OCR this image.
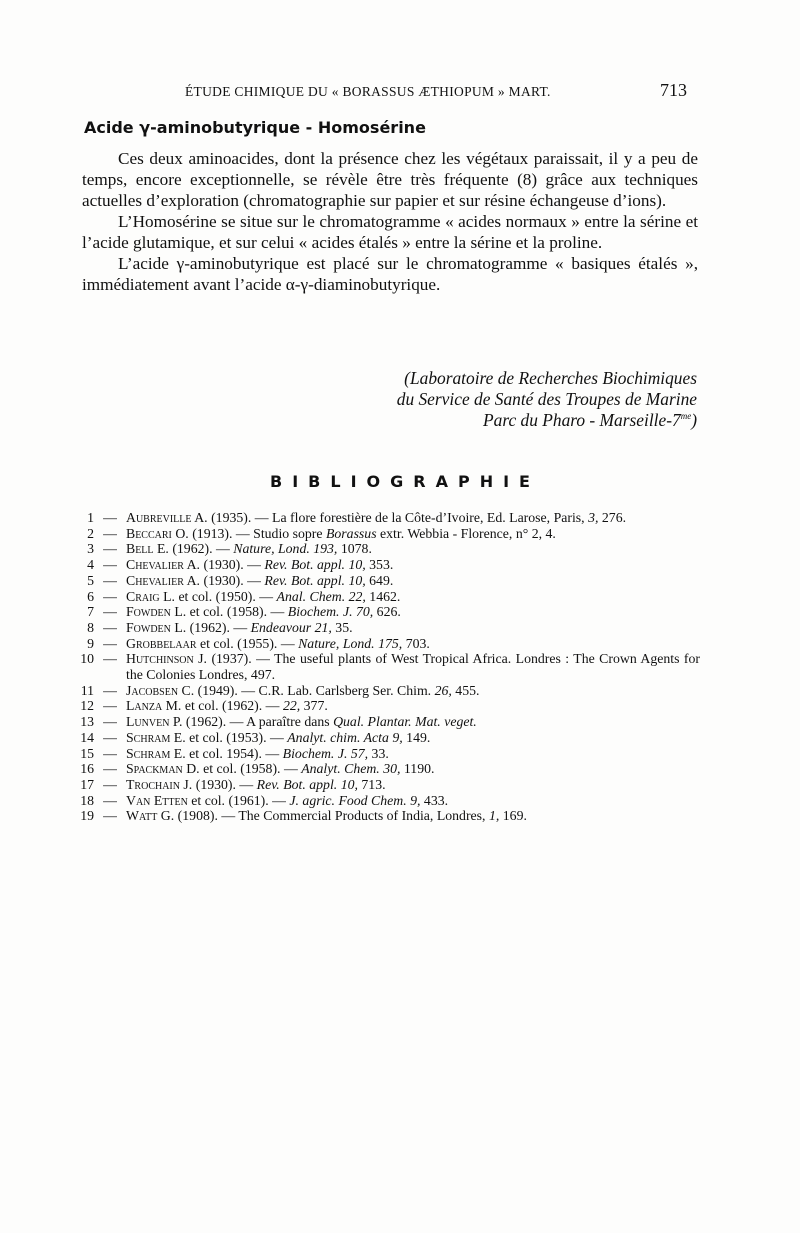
ÉTUDE CHIMIQUE DU « BORASSUS ÆTHIOPUM » MART.	713
Acide γ-aminobutyrique - Homosérine

Ces deux aminoacides, dont la présence chez les végétaux paraissait, il y a peu de temps, encore exceptionnelle, se révèle être très fréquente (8) grâce aux techniques actuelles d’exploration (chromatographie sur papier et sur résine échangeuse d’ions).

L’Homosérine se situe sur le chromatogramme « acides normaux » entre la sérine et l’acide glutamique, et sur celui « acides étalés » entre la sérine et la proline.

L’acide γ-aminobutyrique est placé sur le chromatogramme « basiques étalés », immédiatement avant l’acide α-γ-diaminobutyrique.

(Laboratoire de Recherches Biochimiques
du Service de Santé des Troupes de Marine
Parc du Pharo - Marseille-$7^{me}$)
BIBLIOGRAPHIE
1 — Aubreville A. (1935). — La flore forestière de la Côte-d’Ivoire, Ed. Larose, Paris, 3, 276.
2 — Beccari O. (1913). — Studio sopre Borassus extr. Webbia - Florence, n° 2, 4.
3 — Bell E. (1962). — Nature, Lond. 193, 1078.
4 — Chevalier A. (1930). — Rev. Bot. appl. 10, 353.
5 — Chevalier A. (1930). — Rev. Bot. appl. 10, 649.
6 — Craig L. et col. (1950). — Anal. Chem. 22, 1462.
7 — Fowden L. et col. (1958). — Biochem. J. 70, 626.
8 — Fowden L. (1962). — Endeavour 21, 35.
9 — Grobbelaar et col. (1955). — Nature, Lond. 175, 703.
10 — Hutchinson J. (1937). — The useful plants of West Tropical Africa. Londres : The Crown Agents for the Colonies Londres, 497.
11 — Jacobsen C. (1949). — C.R. Lab. Carlsberg Ser. Chim. 26, 455.
12 — Lanza M. et col. (1962). — 22, 377.
13 — Lunven P. (1962). — A paraître dans Qual. Plantar. Mat. veget.
14 — Schram E. et col. (1953). — Analyt. chim. Acta 9, 149.
15 — Schram E. et col. 1954). — Biochem. J. 57, 33.
16 — Spackman D. et col. (1958). — Analyt. Chem. 30, 1190.
17 — Trochain J. (1930). — Rev. Bot. appl. 10, 713.
18 — Van Etten et col. (1961). — J. agric. Food Chem. 9, 433.
19 — Watt G. (1908). — The Commercial Products of India, Londres, 1, 169.
